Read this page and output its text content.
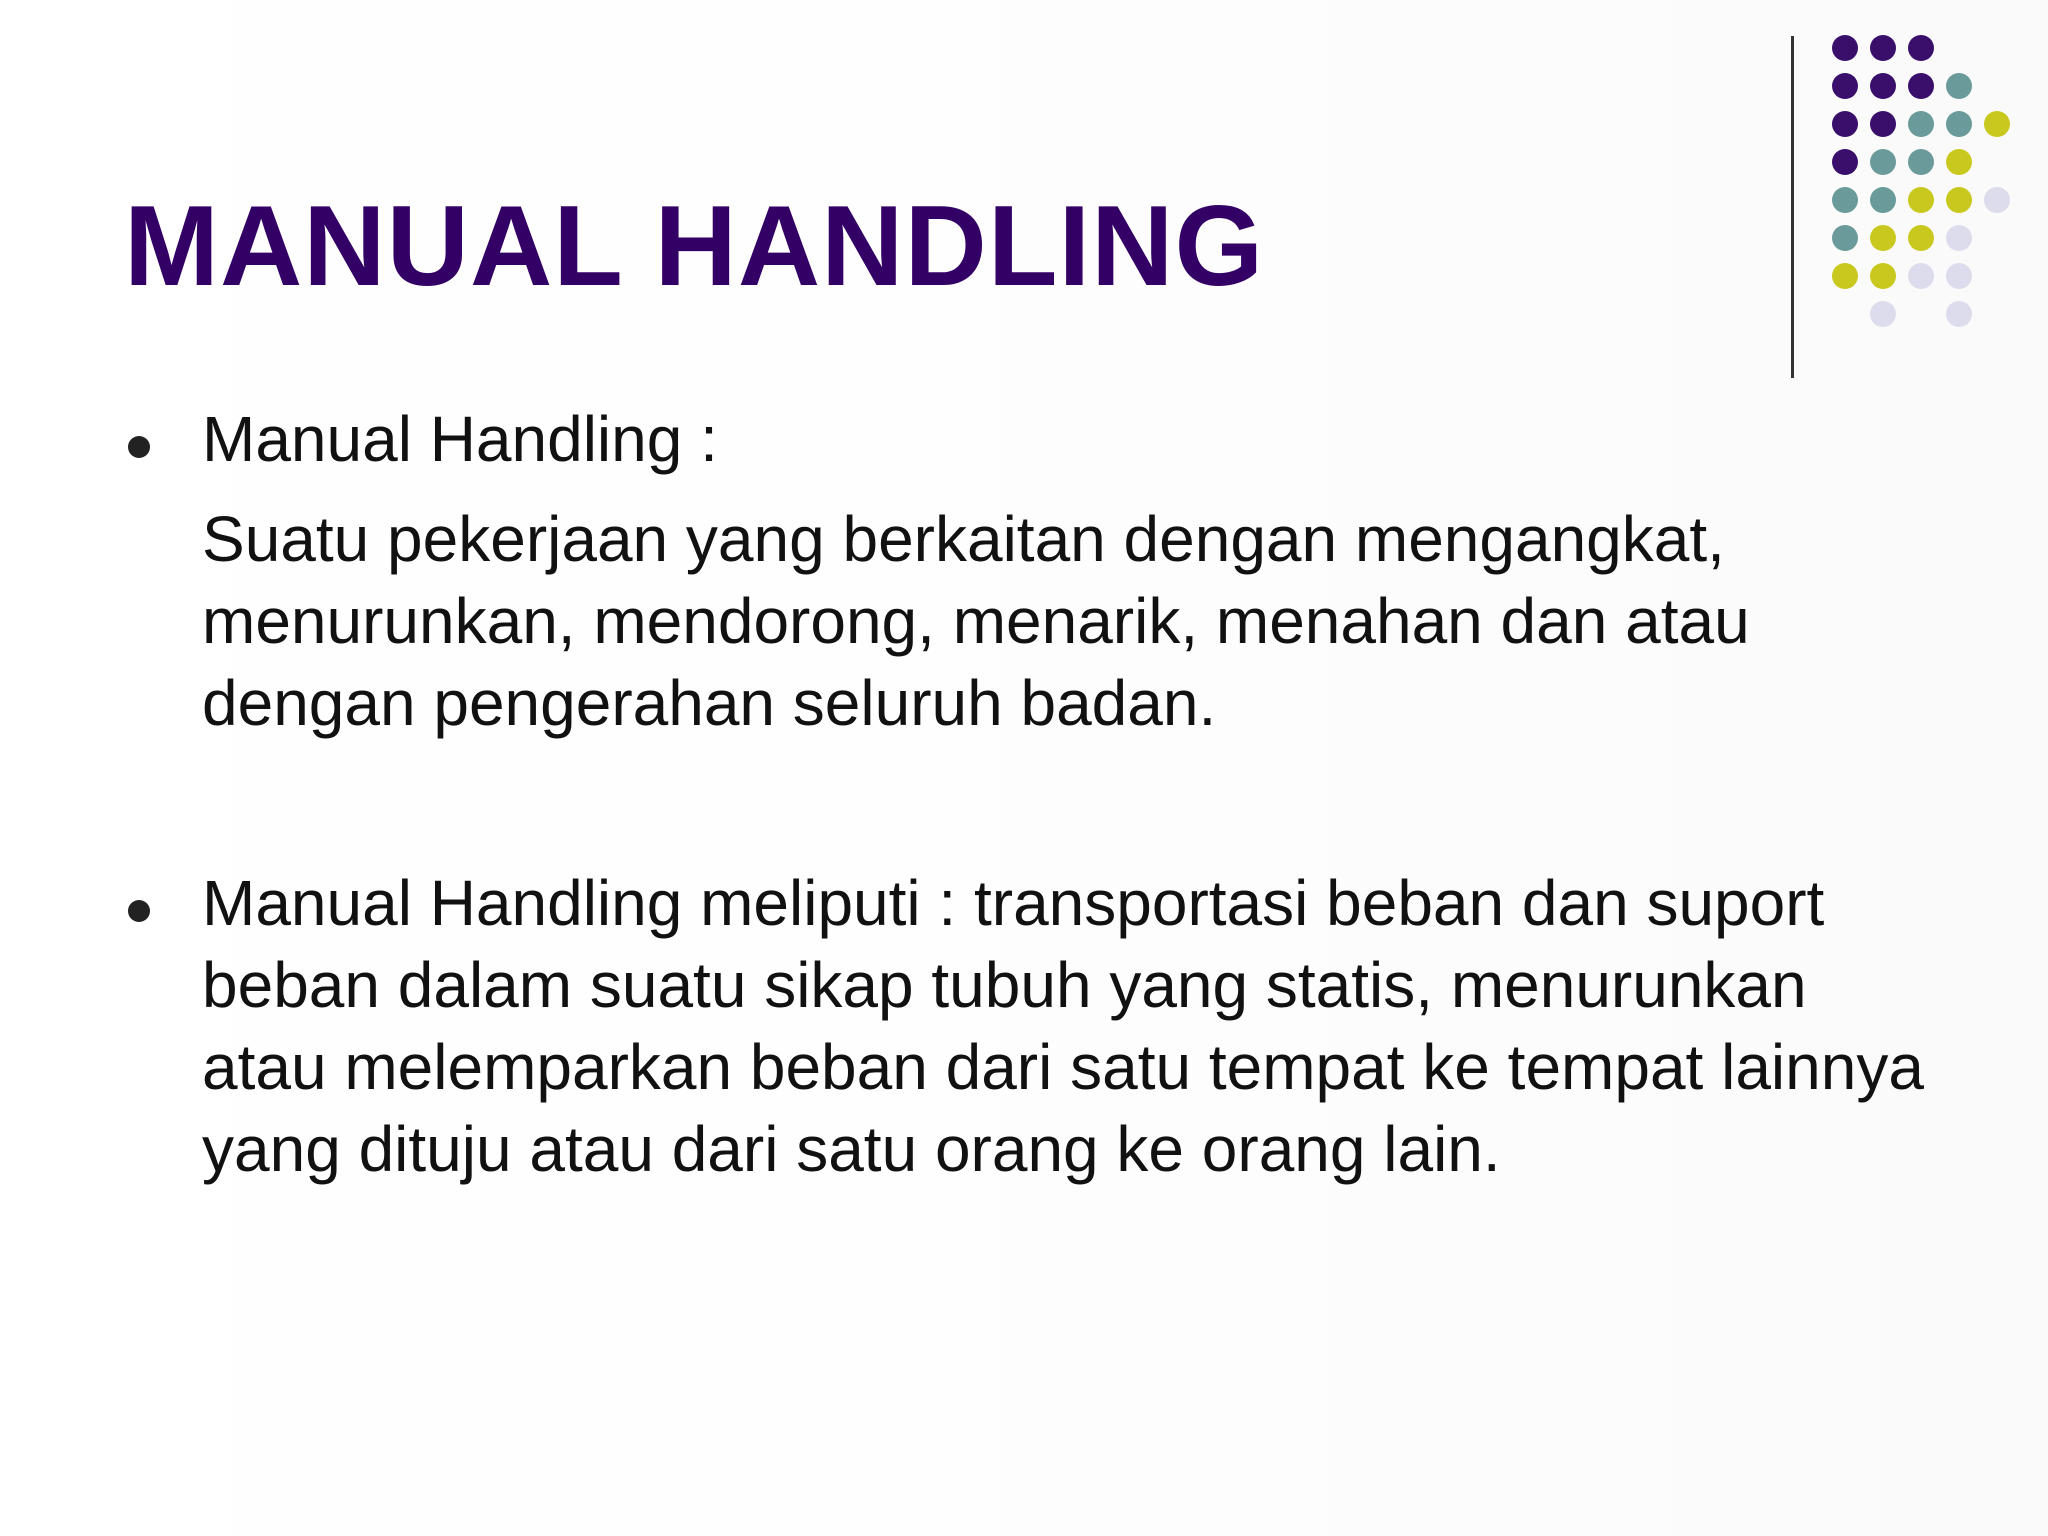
MANUAL HANDLING

Manual Handling :

Suatu pekerjaan yang berkaitan dengan mengangkat, menurunkan, mendorong, menarik, menahan dan atau dengan pengerahan seluruh badan.

Manual Handling meliputi : transportasi beban dan suport beban dalam suatu sikap tubuh yang statis, menurunkan atau melemparkan beban dari satu tempat ke tempat lainnya yang dituju atau dari satu orang ke orang lain.
